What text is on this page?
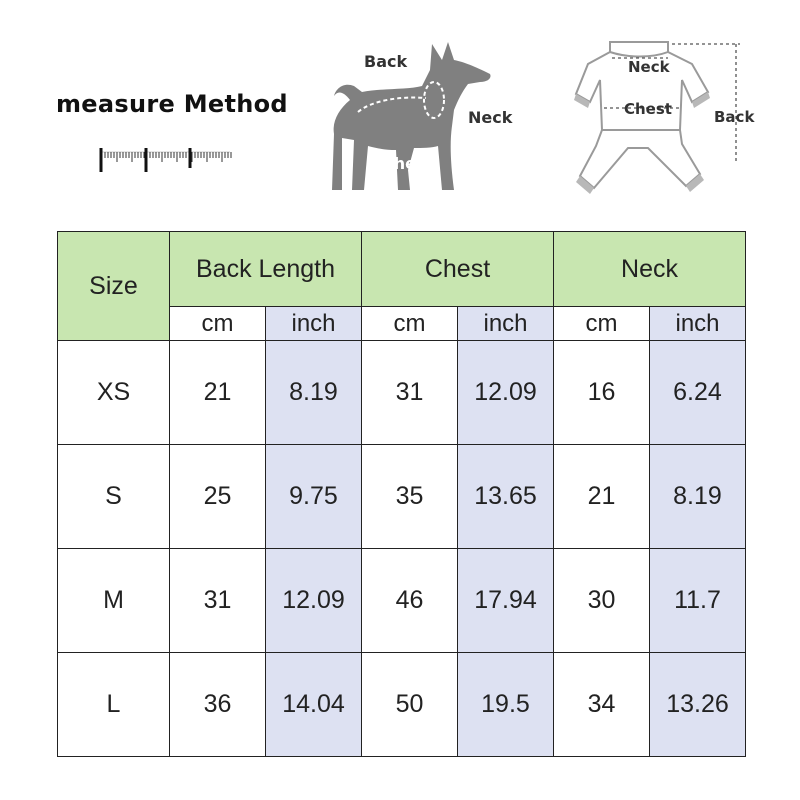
measure Method
Back
Neck
Chest
Neck
Chest	Back
Size	Back Length		Chest		Neck	
	cm	inch	cm	inch	cm	inch
XS	21	8.19	31	12.09	16	6.24
S	25	9.75	35	13.65	21	8.19
M	31	12.09	46	17.94	30	11.7
L	36	14.04	50	19.5	34	13.26
